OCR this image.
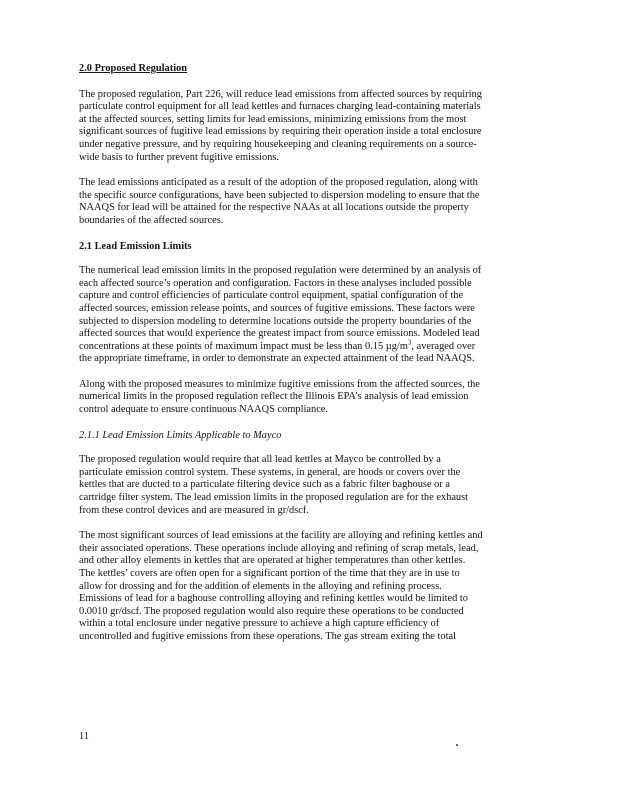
2.0 Proposed Regulation
The proposed regulation, Part 226, will reduce lead emissions from affected sources by requiring
particulate control equipment for all lead kettles and furnaces charging lead-containing materials
at the affected sources, setting limits for lead emissions, minimizing emissions from the most
significant sources of fugitive lead emissions by requiring their operation inside a total enclosure
under negative pressure, and by requiring housekeeping and cleaning requirements on a source-
wide basis to further prevent fugitive emissions.
The lead emissions anticipated as a result of the adoption of the proposed regulation, along with
the specific source configurations, have been subjected to dispersion modeling to ensure that the
NAAQS for lead will be attained for the respective NAAs at all locations outside the property
boundaries of the affected sources.
2.1 Lead Emission Limits
The numerical lead emission limits in the proposed regulation were determined by an analysis of
each affected source’s operation and configuration. Factors in these analyses included possible
capture and control efficiencies of particulate control equipment, spatial configuration of the
affected sources, emission release points, and sources of fugitive emissions. These factors were
subjected to dispersion modeling to determine locations outside the property boundaries of the
affected sources that would experience the greatest impact from source emissions. Modeled lead
concentrations at these points of maximum impact must be less than 0.15 $\mu g/m^3$, averaged over
the appropriate timeframe, in order to demonstrate an expected attainment of the lead NAAQS.
Along with the proposed measures to minimize fugitive emissions from the affected sources, the
numerical limits in the proposed regulation reflect the Illinois EPA’s analysis of lead emission
control adequate to ensure continuous NAAQS compliance.
2.1.1 Lead Emission Limits Applicable to Mayco
The proposed regulation would require that all lead kettles at Mayco be controlled by a
particulate emission control system. These systems, in general, are hoods or covers over the
kettles that are ducted to a particulate filtering device such as a fabric filter baghouse or a
cartridge filter system. The lead emission limits in the proposed regulation are for the exhaust
from these control devices and are measured in gr/dscf.
The most significant sources of lead emissions at the facility are alloying and refining kettles and
their associated operations. These operations include alloying and refining of scrap metals, lead,
and other alloy elements in kettles that are operated at higher temperatures than other kettles.
The kettles’ covers are often open for a significant portion of the time that they are in use to
allow for drossing and for the addition of elements in the alloying and refining process.
Emissions of lead for a baghouse controlling alloying and refining kettles would be limited to
0.0010 gr/dscf. The proposed regulation would also require these operations to be conducted
within a total enclosure under negative pressure to achieve a high capture efficiency of
uncontrolled and fugitive emissions from these operations. The gas stream exiting the total
11
